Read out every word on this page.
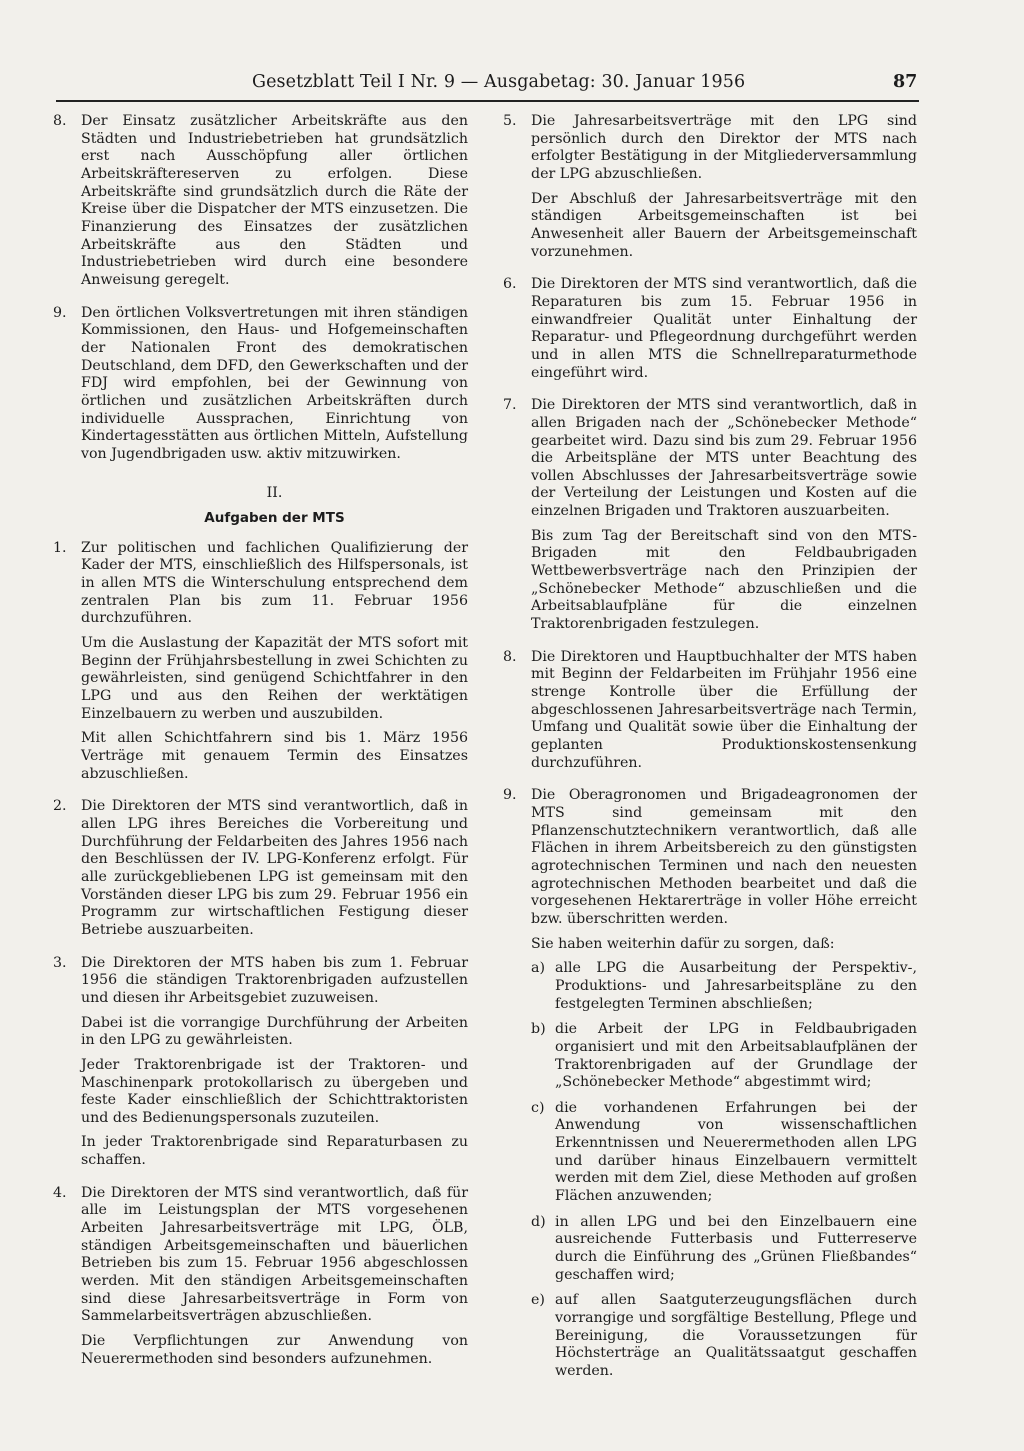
Gesetzblatt Teil I Nr. 9 — Ausgabetag: 30. Januar 1956	87
8. Der Einsatz zusätzlicher Arbeitskräfte aus den Städten und Industriebetrieben hat grundsätzlich erst nach Ausschöpfung aller örtlichen Arbeitskräftereserven zu erfolgen. Diese Arbeitskräfte sind grundsätzlich durch die Räte der Kreise über die Dispatcher der MTS einzusetzen. Die Finanzierung des Einsatzes der zusätzlichen Arbeitskräfte aus den Städten und Industriebetrieben wird durch eine besondere Anweisung geregelt.

9. Den örtlichen Volksvertretungen mit ihren ständigen Kommissionen, den Haus- und Hofgemeinschaften der Nationalen Front des demokratischen Deutschland, dem DFD, den Gewerkschaften und der FDJ wird empfohlen, bei der Gewinnung von örtlichen und zusätzlichen Arbeitskräften durch individuelle Aussprachen, Einrichtung von Kindertagesstätten aus örtlichen Mitteln, Aufstellung von Jugendbrigaden usw. aktiv mitzuwirken.

II.
Aufgaben der MTS
1. Zur politischen und fachlichen Qualifizierung der Kader der MTS, einschließlich des Hilfspersonals, ist in allen MTS die Winterschulung entsprechend dem zentralen Plan bis zum 11. Februar 1956 durchzuführen.

Um die Auslastung der Kapazität der MTS sofort mit Beginn der Frühjahrsbestellung in zwei Schichten zu gewährleisten, sind genügend Schichtfahrer in den LPG und aus den Reihen der werktätigen Einzelbauern zu werben und auszubilden.

Mit allen Schichtfahrern sind bis 1. März 1956 Verträge mit genauem Termin des Einsatzes abzuschließen.

2. Die Direktoren der MTS sind verantwortlich, daß in allen LPG ihres Bereiches die Vorbereitung und Durchführung der Feldarbeiten des Jahres 1956 nach den Beschlüssen der IV. LPG-Konferenz erfolgt. Für alle zurückgebliebenen LPG ist gemeinsam mit den Vorständen dieser LPG bis zum 29. Februar 1956 ein Programm zur wirtschaftlichen Festigung dieser Betriebe auszuarbeiten.

3. Die Direktoren der MTS haben bis zum 1. Februar 1956 die ständigen Traktorenbrigaden aufzustellen und diesen ihr Arbeitsgebiet zuzuweisen.

Dabei ist die vorrangige Durchführung der Arbeiten in den LPG zu gewährleisten.

Jeder Traktorenbrigade ist der Traktoren- und Maschinenpark protokollarisch zu übergeben und feste Kader einschließlich der Schichttraktoristen und des Bedienungspersonals zuzuteilen.

In jeder Traktorenbrigade sind Reparaturbasen zu schaffen.

4. Die Direktoren der MTS sind verantwortlich, daß für alle im Leistungsplan der MTS vorgesehenen Arbeiten Jahresarbeitsverträge mit LPG, ÖLB, ständigen Arbeitsgemeinschaften und bäuerlichen Betrieben bis zum 15. Februar 1956 abgeschlossen werden. Mit den ständigen Arbeitsgemeinschaften sind diese Jahresarbeitsverträge in Form von Sammelarbeitsverträgen abzuschließen.

Die Verpflichtungen zur Anwendung von Neuerermethoden sind besonders aufzunehmen.

5. Die Jahresarbeitsverträge mit den LPG sind persönlich durch den Direktor der MTS nach erfolgter Bestätigung in der Mitgliederversammlung der LPG abzuschließen.

Der Abschluß der Jahresarbeitsverträge mit den ständigen Arbeitsgemeinschaften ist bei Anwesenheit aller Bauern der Arbeitsgemeinschaft vorzunehmen.

6. Die Direktoren der MTS sind verantwortlich, daß die Reparaturen bis zum 15. Februar 1956 in einwandfreier Qualität unter Einhaltung der Reparatur- und Pflegeordnung durchgeführt werden und in allen MTS die Schnellreparaturmethode eingeführt wird.

7. Die Direktoren der MTS sind verantwortlich, daß in allen Brigaden nach der „Schönebecker Methode“ gearbeitet wird. Dazu sind bis zum 29. Februar 1956 die Arbeitspläne der MTS unter Beachtung des vollen Abschlusses der Jahresarbeitsverträge sowie der Verteilung der Leistungen und Kosten auf die einzelnen Brigaden und Traktoren auszuarbeiten.

Bis zum Tag der Bereitschaft sind von den MTS-Brigaden mit den Feldbaubrigaden Wettbewerbsverträge nach den Prinzipien der „Schönebecker Methode“ abzuschließen und die Arbeitsablaufpläne für die einzelnen Traktorenbrigaden festzulegen.

8. Die Direktoren und Hauptbuchhalter der MTS haben mit Beginn der Feldarbeiten im Frühjahr 1956 eine strenge Kontrolle über die Erfüllung der abgeschlossenen Jahresarbeitsverträge nach Termin, Umfang und Qualität sowie über die Einhaltung der geplanten Produktionskostensenkung durchzuführen.

9. Die Oberagronomen und Brigadeagronomen der MTS sind gemeinsam mit den Pflanzenschutztechnikern verantwortlich, daß alle Flächen in ihrem Arbeitsbereich zu den günstigsten agrotechnischen Terminen und nach den neuesten agrotechnischen Methoden bearbeitet und daß die vorgesehenen Hektarerträge in voller Höhe erreicht bzw. überschritten werden.

Sie haben weiterhin dafür zu sorgen, daß:

a) alle LPG die Ausarbeitung der Perspektiv-, Produktions- und Jahresarbeitspläne zu den festgelegten Terminen abschließen;

b) die Arbeit der LPG in Feldbaubrigaden organisiert und mit den Arbeitsablaufplänen der Traktorenbrigaden auf der Grundlage der „Schönebecker Methode“ abgestimmt wird;

c) die vorhandenen Erfahrungen bei der Anwendung von wissenschaftlichen Erkenntnissen und Neuerermethoden allen LPG und darüber hinaus Einzelbauern vermittelt werden mit dem Ziel, diese Methoden auf großen Flächen anzuwenden;

d) in allen LPG und bei den Einzelbauern eine ausreichende Futterbasis und Futterreserve durch die Einführung des „Grünen Fließbandes“ geschaffen wird;

e) auf allen Saatguterzeugungsflächen durch vorrangige und sorgfältige Bestellung, Pflege und Bereinigung, die Voraussetzungen für Höchsterträge an Qualitätssaatgut geschaffen werden.
